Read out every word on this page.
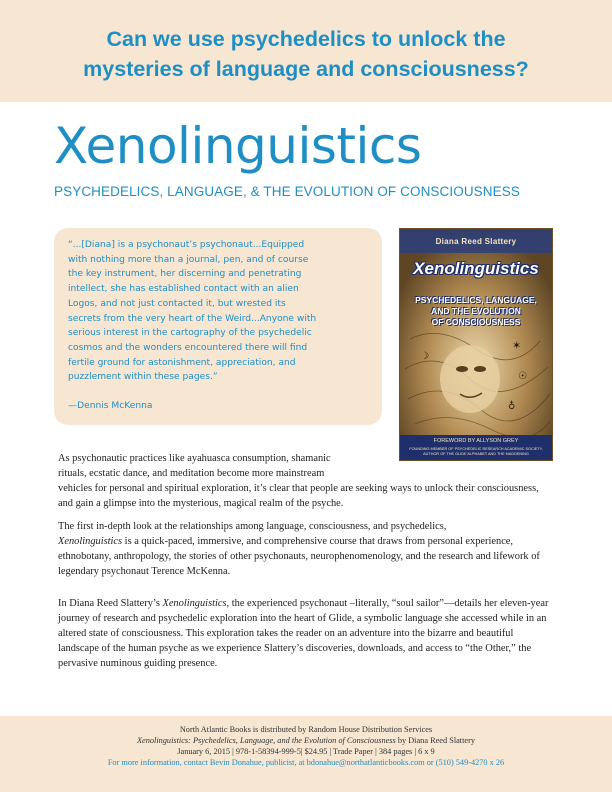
Can we use psychedelics to unlock the
mysteries of language and consciousness?
Xenolinguistics
PSYCHEDELICS, LANGUAGE, & THE EVOLUTION OF CONSCIOUSNESS
“...[Diana] is a psychonaut’s psychonaut...Equipped
with nothing more than a journal, pen, and of course
the key instrument, her discerning and penetrating
intellect, she has established contact with an alien
Logos, and not just contacted it, but wrested its
secrets from the very heart of the Weird...Anyone with
serious interest in the cartography of the psychedelic
cosmos and the wonders encountered there will find
fertile ground for astonishment, appreciation, and
puzzlement within these pages.”
—Dennis McKenna
✶
☉
☽
♁
Diana Reed Slattery
Xenolinguistics
PSYCHEDELICS, LANGUAGE,
AND THE EVOLUTION
OF CONSCIOUSNESS
FOREWORD BY ALLYSON GREY
FOUNDING MEMBER OF PSYCHEDELIC RESEARCH ACADEMIC SOCIETY, AUTHOR OF THE GLIDE ALPHABET AND THE MADDENING
As psychonautic practices like ayahuasca consumption, shamanic
rituals, ecstatic dance, and meditation become more mainstream
vehicles for personal and spiritual exploration, it’s clear that people are seeking ways to unlock their consciousness, and gain a glimpse into the mysterious, magical realm of the psyche.
The first in-depth look at the relationships among language, consciousness, and psychedelics,
Xenolinguistics is a quick-paced, immersive, and comprehensive course that draws from personal experience, ethnobotany, anthropology, the stories of other psychonauts, neurophenomenology, and the research and lifework of legendary psychonaut Terence McKenna.
In Diana Reed Slattery’s Xenolinguistics, the experienced psychonaut –literally, “soul sailor”—details her eleven-year journey of research and psychedelic exploration into the heart of Glide, a symbolic language she accessed while in an altered state of consciousness. This exploration takes the reader on an adventure into the bizarre and beautiful landscape of the human psyche as we experience Slattery’s discoveries, downloads, and access to “the Other,” the pervasive numinous guiding presence.
North Atlantic Books is distributed by Random House Distribution Services
Xenolinguistics: Psychedelics, Language, and the Evolution of Consciousness by Diana Reed Slattery
January 6, 2015 | 978-1-58394-999-5| $24.95 | Trade Paper | 384 pages | 6 x 9
For more information, contact Bevin Donahue, publicist, at bdonahue@northatlanticbooks.com or (510) 549-4270 x 26
